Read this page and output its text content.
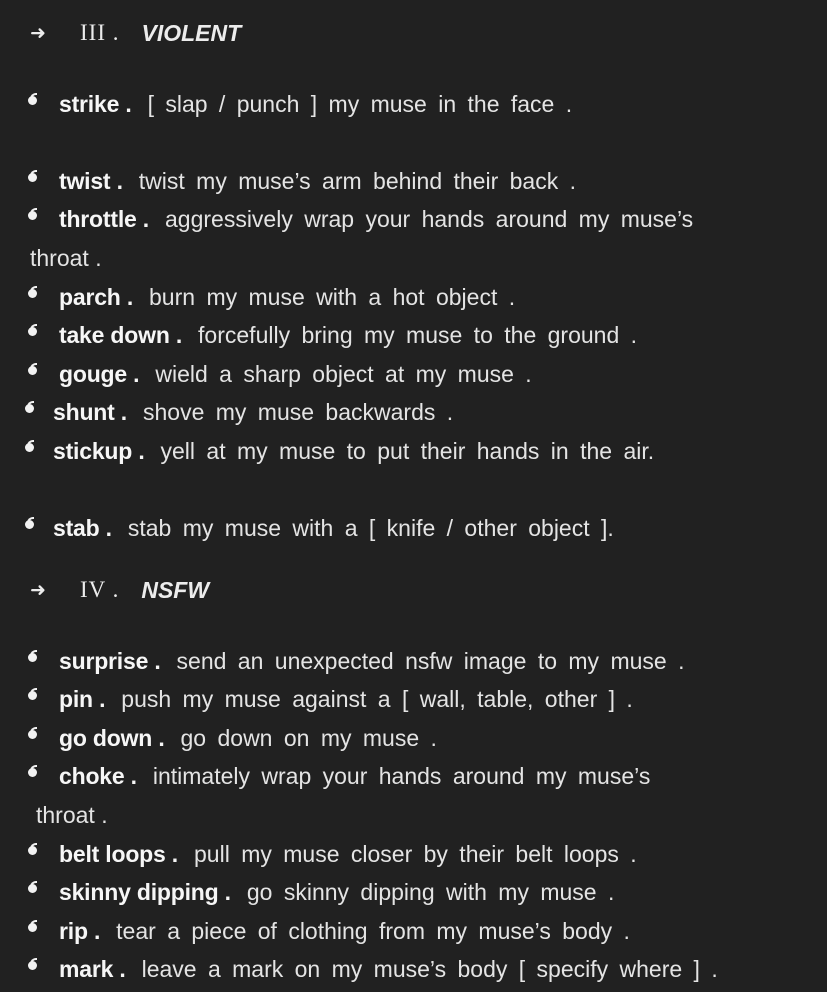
➜	III . VIOLENT
strike . [ slap / punch ] my muse in the face .
twist . twist my muse’s arm behind their back .
throttle . aggressively wrap your hands around my muse’s
throat .
parch . burn my muse with a hot object .
take down . forcefully bring my muse to the ground .
gouge . wield a sharp object at my muse .
shunt . shove my muse backwards .
stickup . yell at my muse to put their hands in the air.
stab . stab my muse with a [ knife / other object ].
➜	IV . NSFW
surprise . send an unexpected nsfw image to my muse .
pin . push my muse against a [ wall, table, other ] .
go down . go down on my muse .
choke . intimately wrap your hands around my muse’s
throat .
belt loops . pull my muse closer by their belt loops .
skinny dipping . go skinny dipping with my muse .
rip . tear a piece of clothing from my muse’s body .
mark . leave a mark on my muse’s body [ specify where ] .
